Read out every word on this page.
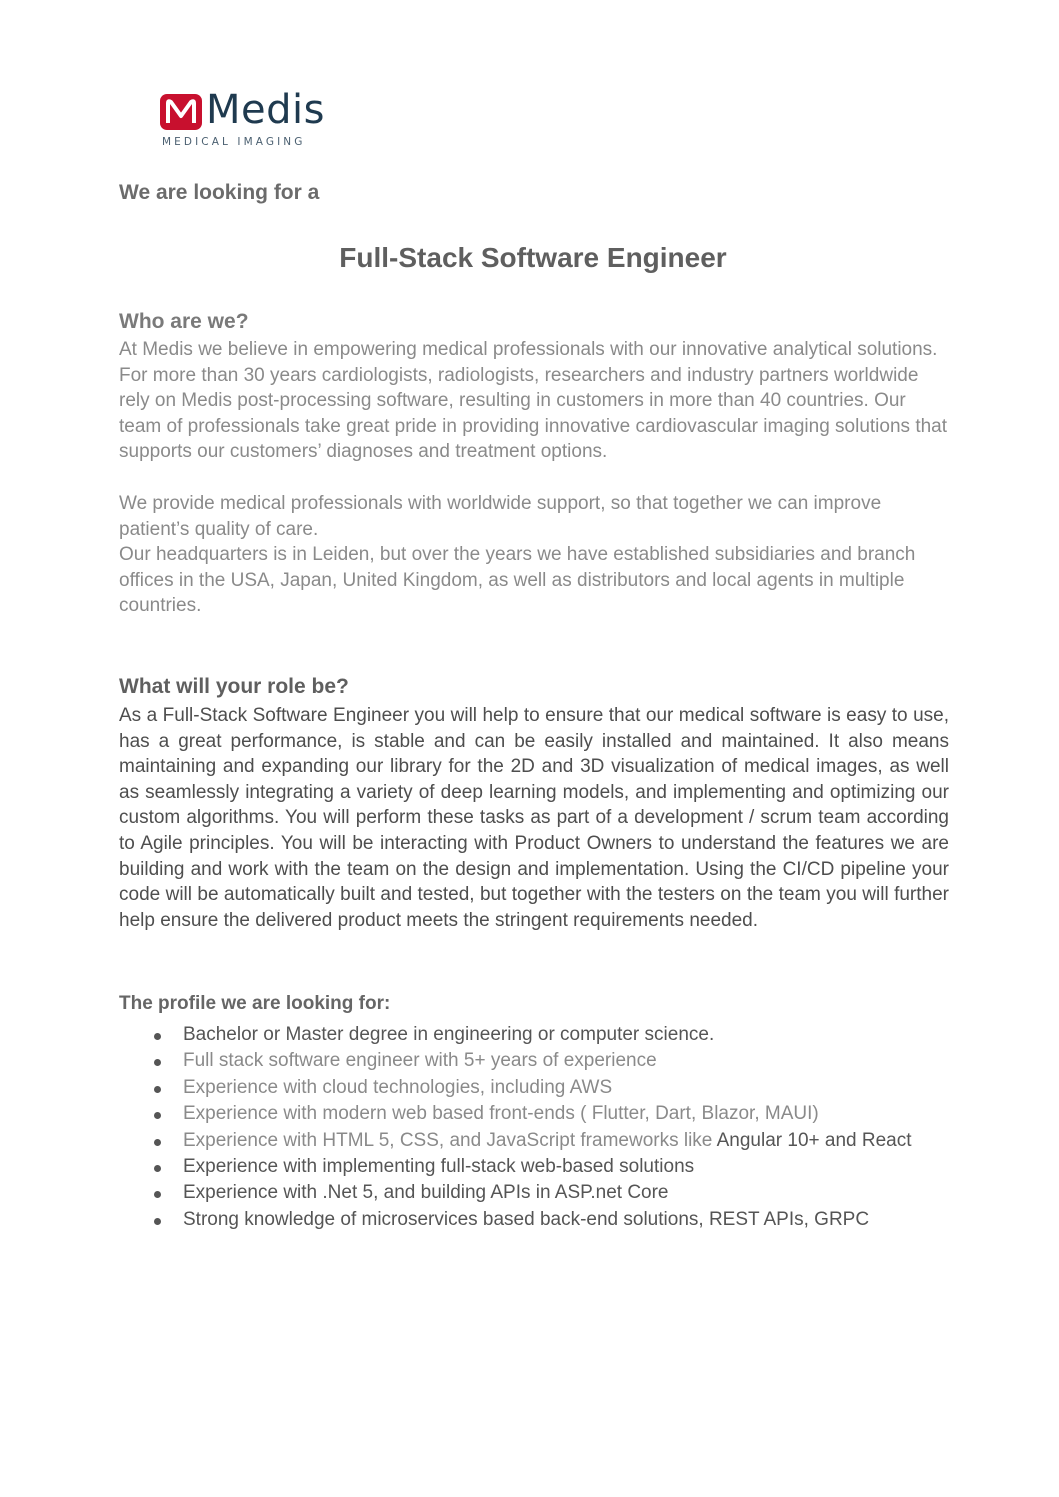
Medis
MEDICAL IMAGING
We are looking for a
Full-Stack Software Engineer
Who are we?

At Medis we believe in empowering medical professionals with our innovative analytical solutions. For more than 30 years cardiologists, radiologists, researchers and industry partners worldwide rely on Medis post-processing software, resulting in customers in more than 40 countries. Our team of professionals take great pride in providing innovative cardiovascular imaging solutions that supports our customers’ diagnoses and treatment options.

We provide medical professionals with worldwide support, so that together we can improve patient’s quality of care.

Our headquarters is in Leiden, but over the years we have established subsidiaries and branch offices in the USA, Japan, United Kingdom, as well as distributors and local agents in multiple countries.

What will your role be?

As a Full-Stack Software Engineer you will help to ensure that our medical software is easy to use, has a great performance, is stable and can be easily installed and maintained. It also means maintaining and expanding our library for the 2D and 3D visualization of medical images, as well as seamlessly integrating a variety of deep learning models, and implementing and optimizing our custom algorithms. You will perform these tasks as part of a development / scrum team according to Agile principles. You will be interacting with Product Owners to understand the features we are building and work with the team on the design and implementation. Using the CI/CD pipeline your code will be automatically built and tested, but together with the testers on the team you will further help ensure the delivered product meets the stringent requirements needed.

The profile we are looking for:
Bachelor or Master degree in engineering or computer science.
Full stack software engineer with 5+ years of experience
Experience with cloud technologies, including AWS
Experience with modern web based front-ends ( Flutter, Dart, Blazor, MAUI)
Experience with HTML 5, CSS, and JavaScript frameworks like Angular 10+ and React
Experience with implementing full-stack web-based solutions
Experience with .Net 5, and building APIs in ASP.net Core
Strong knowledge of microservices based back-end solutions, REST APIs, GRPC
